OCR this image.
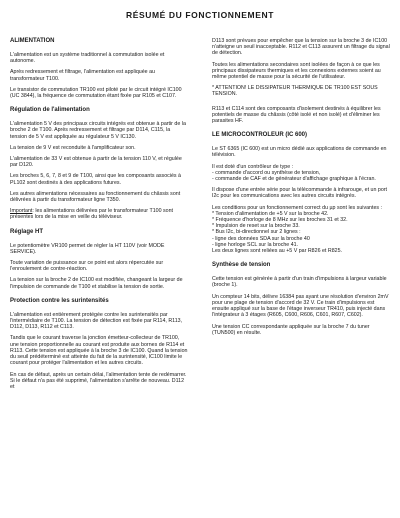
RÉSUMÉ DU FONCTIONNEMENT
ALIMENTATION

L'alimentation est un système traditionnel à commutation isolée et autonome.

Après redressement et filtrage, l'alimentation est appliquée au transformateur T100.

Le transistor de commutation TR100 est piloté par le circuit intégré IC100 (UC 3844), la fréquence de commutation étant fixée par R105 et C107.

Régulation de l'alimentation

L'alimentation 5 V des principaux circuits intégrés est obtenue à partir de la broche 2 de T100. Après redressement et filtrage par D114, C115, la tension de 5 V est appliquée au régulateur 5 V IC130.

La tension de 9 V est reconduite à l'amplificateur son.

L'alimentation de 33 V est obtenue à partir de la tension 110 V, et régulée par D120.

Les broches 5, 6, 7, 8 et 9 de T100, ainsi que les composants associés à PL102 sont destinés à des applications futures.

Les autres alimentations nécessaires au fonctionnement du châssis sont délivrées à partir du transformateur ligne T350.

Important: les alimentations délivrées par le transformateur T100 sont présentes lors de la mise en veille du téléviseur.

Réglage HT

Le potentiomètre VR100 permet de régler la HT 110V (voir MODE SERVICE).

Toute variation de puissance sur ce point est alors répercutée sur l'enroulement de contre-réaction.

La tension sur la broche 2 de IC100 est modifiée, changeant la largeur de l'impulsion de commande de T100 et stabilise la tension de sortie.

Protection contre les surintensités

L'alimentation est entièrement protégée contre les surintensités par l'intermédiaire de T100. La tension de détection est fixée par R114, R113, D112, D113, R112 et C113.

Tandis que le courant traverse la jonction émetteur-collecteur de TR100, une tension proportionnelle au courant est produite aux bornes de R114 et R113. Cette tension est appliquée à la broche 3 de IC100. Quand la tension du seuil prédéterminé est atteinte du fait de la surintensité, IC100 limite le courant pour protéger l'alimentation et les autres circuits.

En cas de défaut, après un certain délai, l'alimentation tente de redémarrer. Si le défaut n'a pas été supprimé, l'alimentation s'arrête de nouveau. D112 et

D113 sont prévues pour empêcher que la tension sur la broche 3 de IC100 n'atteigne un seuil inacceptable. R112 et C113 assurent un filtrage du signal de détection.

Toutes les alimentations secondaires sont isolées de façon à ce que les principaux dissipateurs thermiques et les connexions externes soient au même potentiel de masse pour la sécurité de l'utilisateur.

* ATTENTION! LE DISSIPATEUR THERMIQUE DE TR100 EST SOUS TENSION.

R113 et C114 sont des composants d'isolement destinés à équilibrer les potentiels de masse du châssis (côté isolé et non isolé) et d'éliminer les parasites HF.

LE MICROCONTROLEUR (IC 600)

Le ST 6365 (IC 600) est un micro dédié aux applications de commande en télévision.

Il est doté d'un contrôleur de type :

- commande d'accord ou synthèse de tension,
- commande de CAF et de générateur d'affichage graphique à l'écran.

Il dispose d'une entrée série pour la télécommande à infrarouge, et un port I2c pour les communications avec les autres circuits intégrés.

Les conditions pour un fonctionnement correct du µp sont les suivantes :

* Tension d'alimentation de +5 V sur la broche 42.
* Fréquence d'horloge de 8 MHz sur les broches 31 et 32.
* Impulsion de reset sur la broche 33.
* Bus I2c, bi-directionnel sur 2 lignes :
- ligne des données SDA sur la broche 40
- ligne horloge SCL sur la broche 41.
Les deux lignes sont reliées au +5 V par R826 et R825.
Synthèse de tension

Cette tension est générée à partir d'un train d'impulsions à largeur variable (broche 1).

Un compteur 14 bits, délivre 16384 pas ayant une résolution d'environ 2mV pour une plage de tension d'accord de 32 V. Ce train d'impulsions est ensuite appliqué sur la base de l'étage inverseur TR410, puis injecté dans l'intégrateur à 3 étages (R605, C600, R606, C601, R607, C602).

Une tension CC correspondante appliquée sur la broche 7 du tuner (TUN500) en résulte.
